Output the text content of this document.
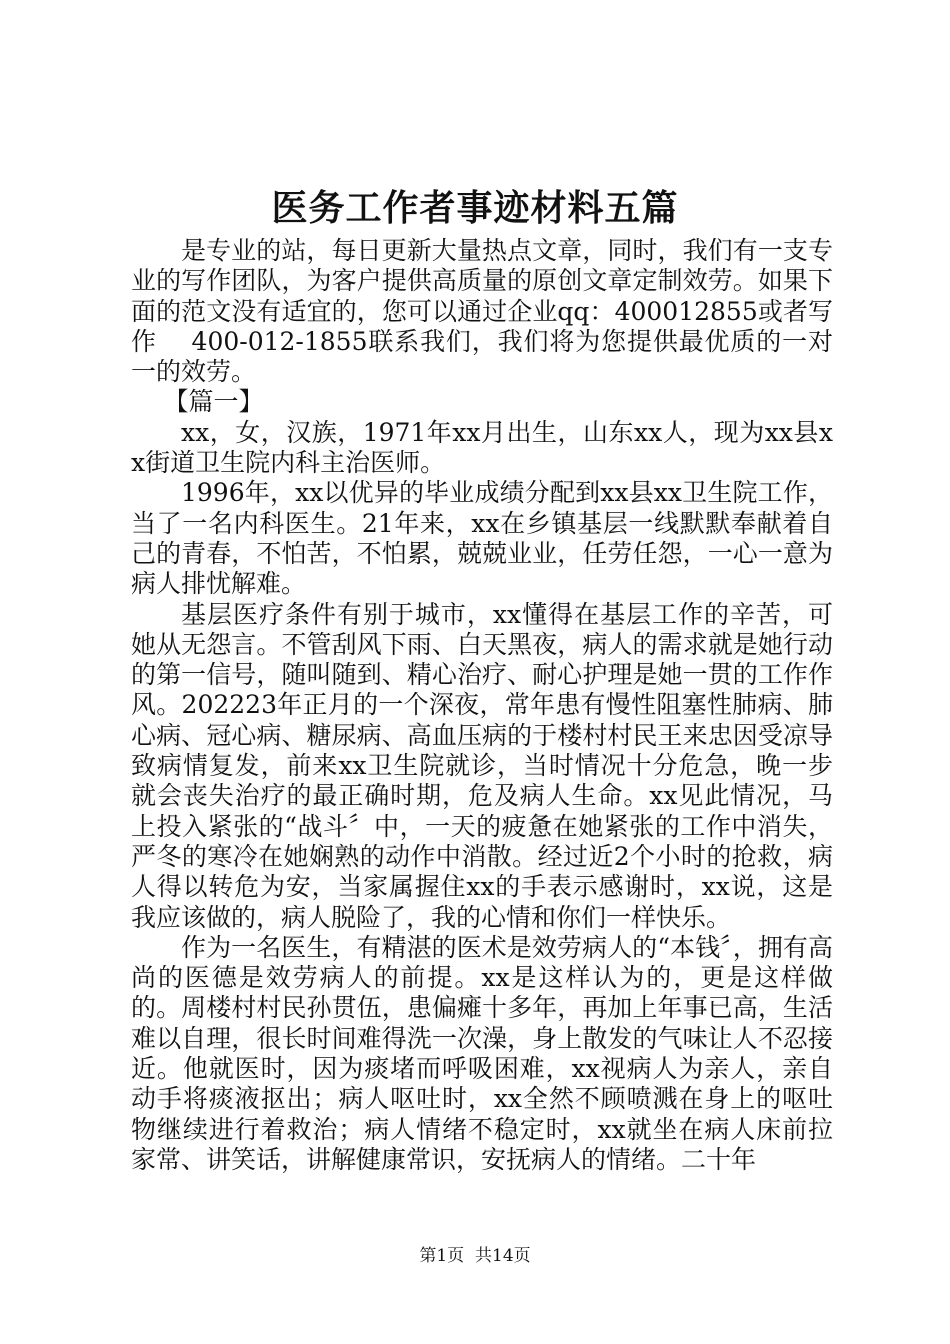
医务工作者事迹材料五篇

是专业的站，每日更新大量热点文章，同时，我们有一支专业的写作团队，为客户提供高质量的原创文章定制效劳。如果下面的范文没有适宜的，您可以通过企业qq：400012855或者写作　 400-012-1855联系我们，我们将为您提供最优质的一对一的效劳。

【篇一】

xx，女，汉族，1971年xx月出生，山东xx人，现为xx县xx街道卫生院内科主治医师。

1996年，xx以优异的毕业成绩分配到xx县xx卫生院工作，当了一名内科医生。21年来，xx在乡镇基层一线默默奉献着自己的青春，不怕苦，不怕累，兢兢业业，任劳任怨，一心一意为病人排忧解难。

基层医疗条件有别于城市，xx懂得在基层工作的辛苦，可她从无怨言。不管刮风下雨、白天黑夜，病人的需求就是她行动的第一信号，随叫随到、精心治疗、耐心护理是她一贯的工作作风。202223年正月的一个深夜，常年患有慢性阻塞性肺病、肺心病、冠心病、糖尿病、高血压病的于楼村村民王来忠因受凉导致病情复发，前来xx卫生院就诊，当时情况十分危急，晚一步就会丧失治疗的最正确时期，危及病人生命。xx见此情况，马上投入紧张的“战斗〞中，一天的疲惫在她紧张的工作中消失，严冬的寒冷在她娴熟的动作中消散。经过近2个小时的抢救，病人得以转危为安，当家属握住xx的手表示感谢时，xx说，这是我应该做的，病人脱险了，我的心情和你们一样快乐。

作为一名医生，有精湛的医术是效劳病人的“本钱〞，拥有高尚的医德是效劳病人的前提。xx是这样认为的，更是这样做的。周楼村村民孙贯伍，患偏瘫十多年，再加上年事已高，生活难以自理，很长时间难得洗一次澡，身上散发的气味让人不忍接近。他就医时，因为痰堵而呼吸困难，xx视病人为亲人，亲自动手将痰液抠出；病人呕吐时，xx全然不顾喷溅在身上的呕吐物继续进行着救治；病人情绪不稳定时，xx就坐在病人床前拉家常、讲笑话，讲解健康常识，安抚病人的情绪。二十年

第1页 共14页
